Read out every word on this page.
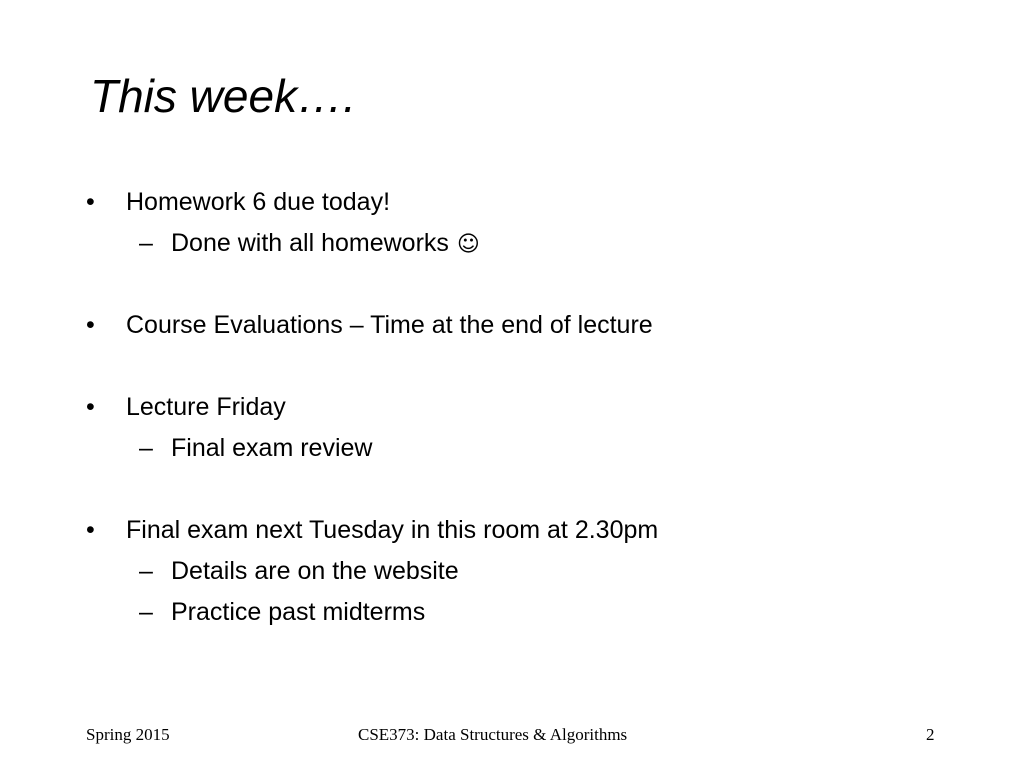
This week….
• Homework 6 due today!
– Done with all homeworks ☺
• Course Evaluations – Time at the end of lecture
• Lecture Friday
– Final exam review
• Final exam next Tuesday in this room at 2.30pm
– Details are on the website
– Practice past midterms
Spring 2015	CSE373: Data Structures & Algorithms	2
